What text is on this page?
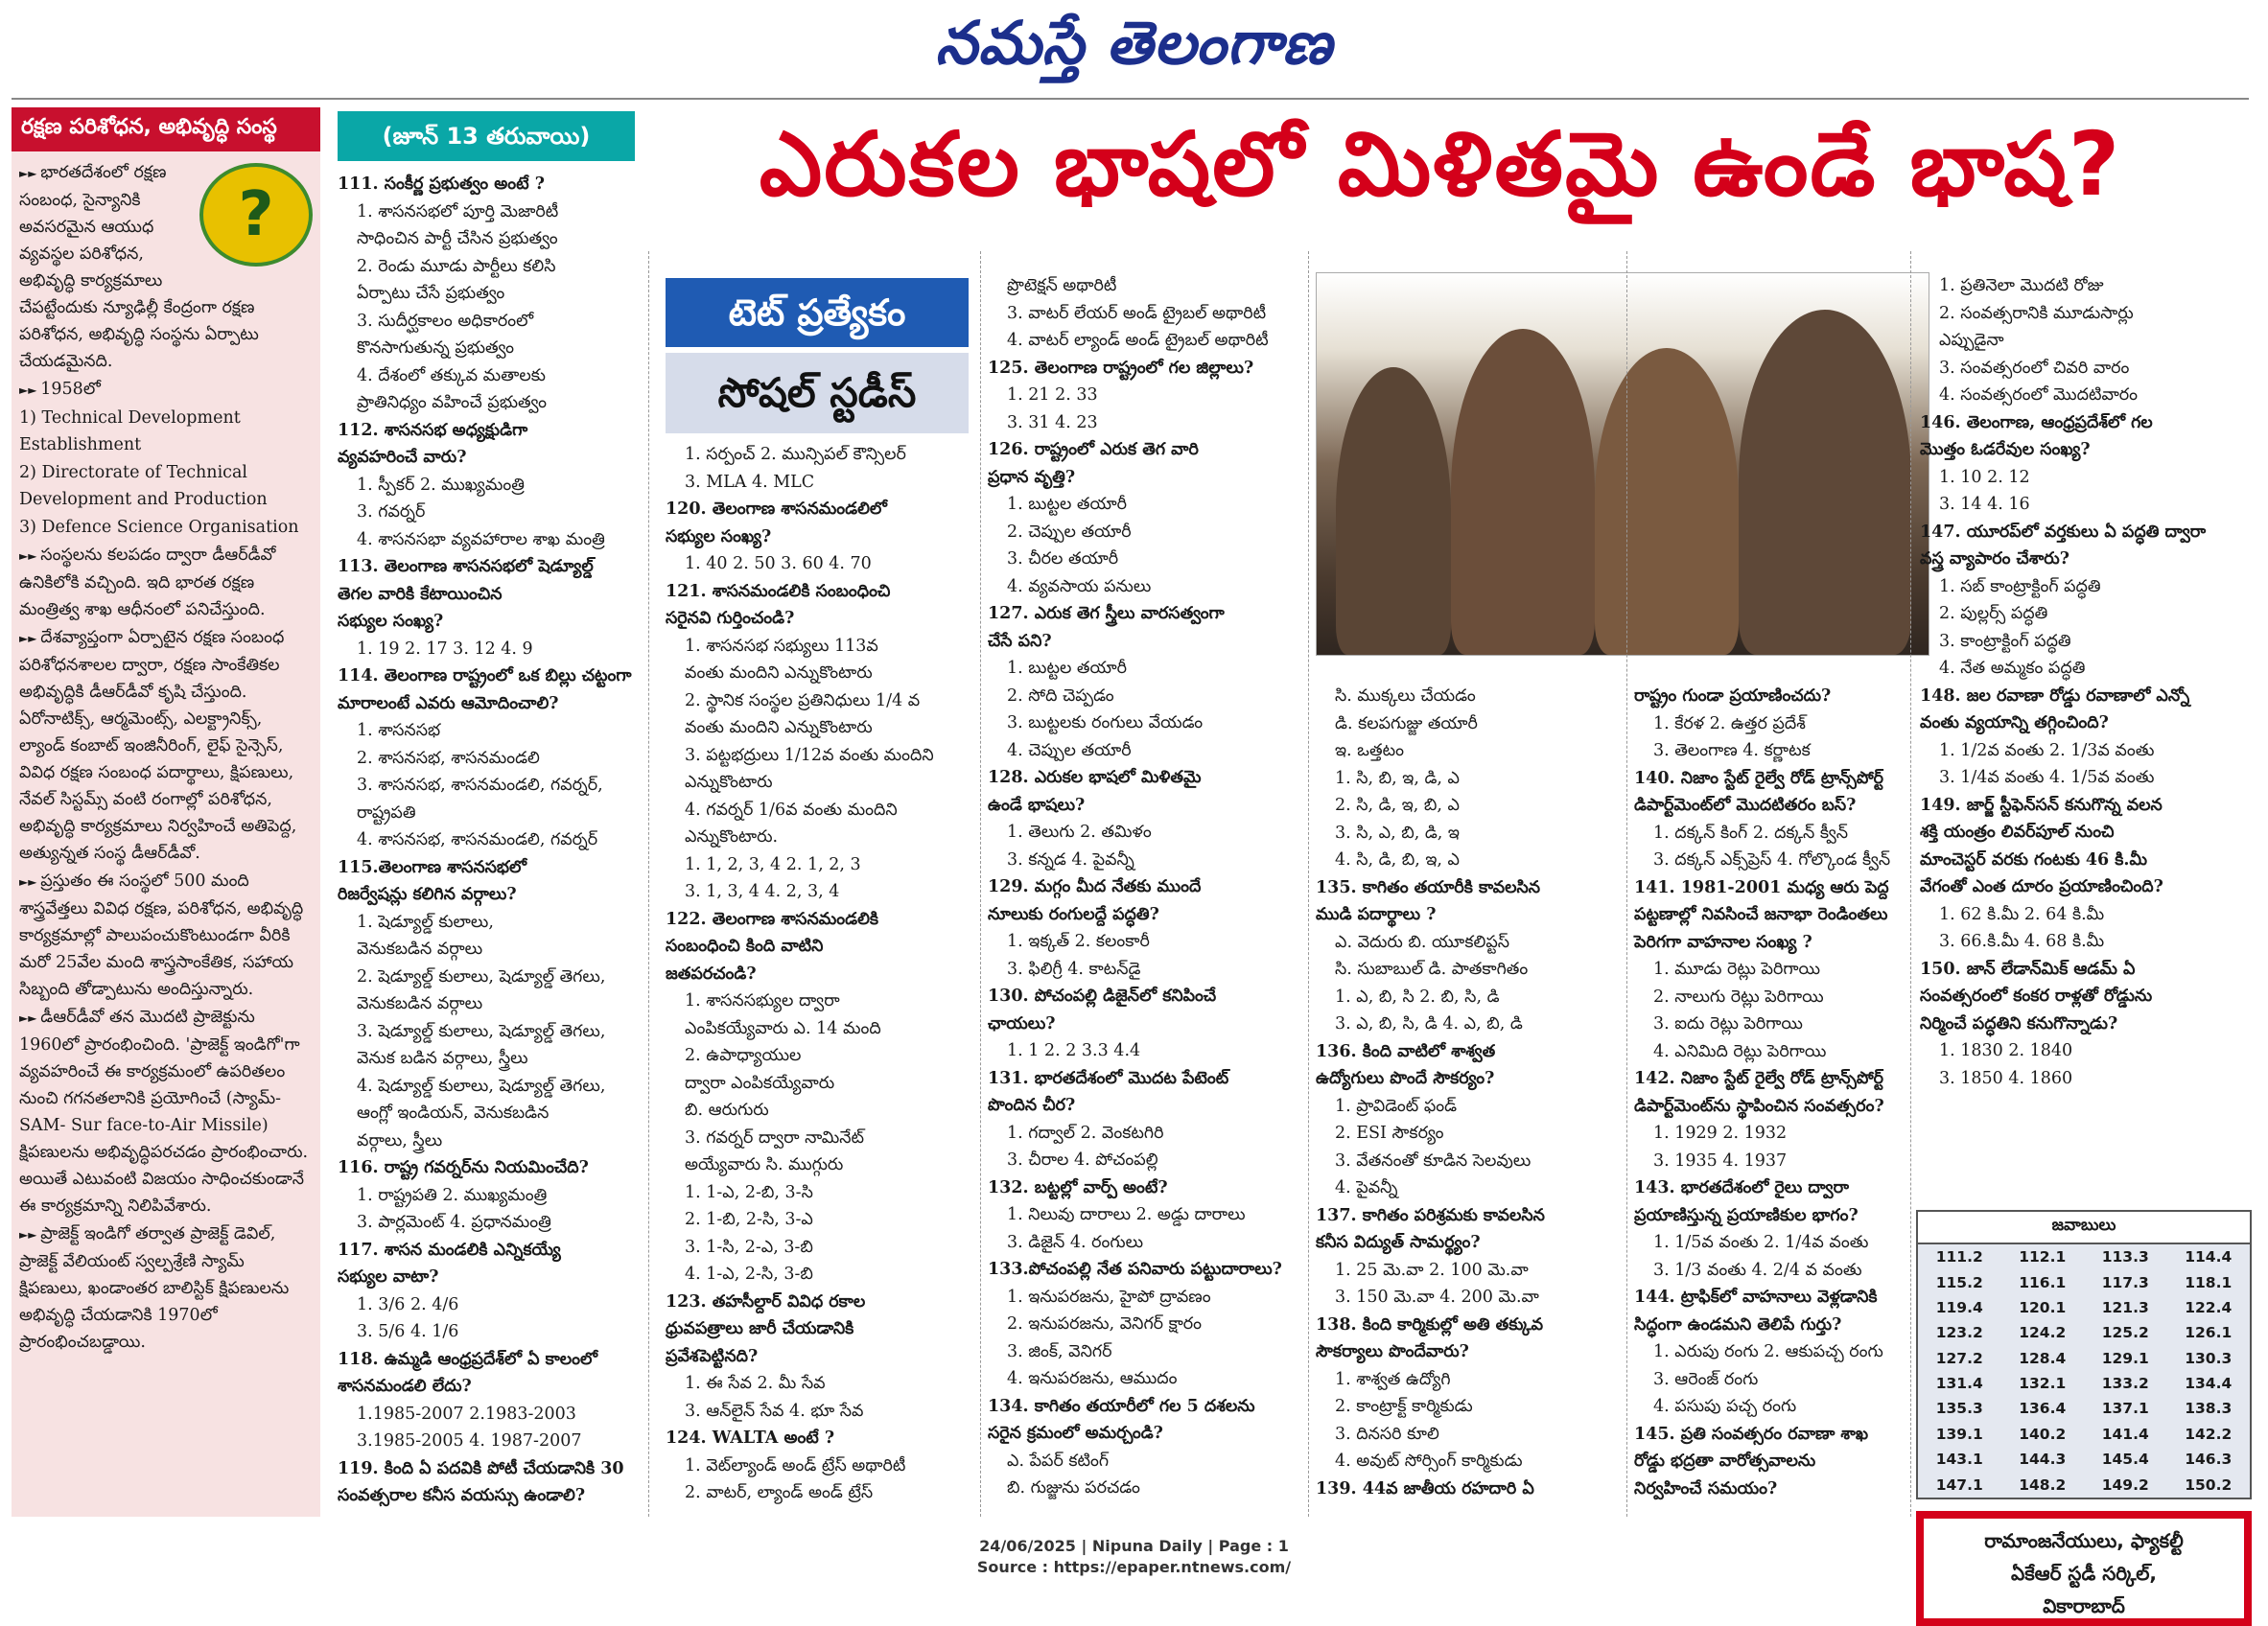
నమస్తే తెలంగాణ
రక్షణ పరిశోధన, అభివృద్ధి సంస్థ
?

►► భారతదేశంలో రక్షణ సంబంధ, సైన్యానికి అవసరమైన ఆయుధ వ్యవస్థల పరిశోధన, అభివృద్ధి కార్యక్రమాలు చేపట్టేందుకు న్యూఢిల్లీ కేంద్రంగా రక్షణ పరిశోధన, అభివృద్ధి సంస్థను ఏర్పాటు చేయడమైనది.

►► 1958లో

1) Technical Development Establishment

2) Directorate of Technical Development and Production

3) Defence Science Organisation

►► సంస్థలను కలపడం ద్వారా డీఆర్‌డీవో ఉనికిలోకి వచ్చింది. ఇది భారత రక్షణ మంత్రిత్వ శాఖ ఆధీనంలో పనిచేస్తుంది.

►► దేశవ్యాప్తంగా ఏర్పాటైన రక్షణ సంబంధ పరిశోధనశాలల ద్వారా, రక్షణ సాంకేతికల అభివృద్ధికి డీఆర్‌డీవో కృషి చేస్తుంది. ఏరోనాటిక్స్, ఆర్మమెంట్స్, ఎలక్ట్రానిక్స్, ల్యాండ్ కంబాట్ ఇంజినీరింగ్, లైఫ్ సైన్సెస్, వివిధ రక్షణ సంబంధ పదార్థాలు, క్షిపణులు, నేవల్ సిస్టమ్స్ వంటి రంగాల్లో పరిశోధన, అభివృద్ధి కార్యక్రమాలు నిర్వహించే అతిపెద్ద, అత్యున్నత సంస్థ డీఆర్‌డీవో.

►► ప్రస్తుతం ఈ సంస్థలో 500 మంది శాస్త్రవేత్తలు వివిధ రక్షణ, పరిశోధన, అభివృద్ధి కార్యక్రమాల్లో పాలుపంచుకొంటుండగా వీరికి మరో 25వేల మంది శాస్త్రసాంకేతిక, సహాయ సిబ్బంది తోడ్పాటును అందిస్తున్నారు.

►► డీఆర్‌డీవో తన మొదటి ప్రాజెక్టును 1960లో ప్రారంభించింది. 'ప్రాజెక్ట్ ఇండిగో'గా వ్యవహరించే ఈ కార్యక్రమంలో ఉపరితలం నుంచి గగనతలానికి ప్రయోగించే (స్యామ్-SAM- Sur face-to-Air Missile) క్షిపణులను అభివృద్ధిపరచడం ప్రారంభించారు. అయితే ఎటువంటి విజయం సాధించకుండానే ఈ కార్యక్రమాన్ని నిలిపివేశారు.

►► ప్రాజెక్ట్ ఇండిగో తర్వాత ప్రాజెక్ట్ డెవిల్, ప్రాజెక్ట్ వేలియంట్ స్వల్పశ్రేణి స్యామ్ క్షిపణులు, ఖండాంతర బాలిస్టిక్ క్షిపణులను అభివృద్ధి చేయడానికి 1970లో ప్రారంభించబడ్డాయి.

(జూన్ 13 తరువాయి)	ఎరుకల భాషలో మిళితమై ఉండే భాష?
టెట్ ప్రత్యేకం
సోషల్ స్టడీస్

111. సంకీర్ణ ప్రభుత్వం అంటే ?

1. శాసనసభలో పూర్తి మెజారిటీ

సాధించిన పార్టీ చేసిన ప్రభుత్వం

2. రెండు మూడు పార్టీలు కలిసి

ఏర్పాటు చేసే ప్రభుత్వం

3. సుదీర్ఘకాలం అధికారంలో

కొనసాగుతున్న ప్రభుత్వం

4. దేశంలో తక్కువ మతాలకు

ప్రాతినిధ్యం వహించే ప్రభుత్వం

112. శాసనసభ అధ్యక్షుడిగా

వ్యవహరించే వారు?

1. స్పీకర్ 2. ముఖ్యమంత్రి

3. గవర్నర్

4. శాసనసభా వ్యవహారాల శాఖ మంత్రి

113. తెలంగాణ శాసనసభలో షెడ్యూల్డ్

తెగల వారికి కేటాయించిన

సభ్యుల సంఖ్య?

1. 19 2. 17 3. 12 4. 9

114. తెలంగాణ రాష్ట్రంలో ఒక బిల్లు చట్టంగా

మారాలంటే ఎవరు ఆమోదించాలి?

1. శాసనసభ

2. శాసనసభ, శాసనమండలి

3. శాసనసభ, శాసనమండలి, గవర్నర్,

రాష్ట్రపతి

4. శాసనసభ, శాసనమండలి, గవర్నర్

115.తెలంగాణ శాసనసభలో

రిజర్వేషన్లు కలిగిన వర్గాలు?

1. షెడ్యూల్డ్ కులాలు,

వెనుకబడిన వర్గాలు

2. షెడ్యూల్డ్ కులాలు, షెడ్యూల్డ్ తెగలు,

వెనుకబడిన వర్గాలు

3. షెడ్యూల్డ్ కులాలు, షెడ్యూల్డ్ తెగలు,

వెనుక బడిన వర్గాలు, స్త్రీలు

4. షెడ్యూల్డ్ కులాలు, షెడ్యూల్డ్ తెగలు,

ఆంగ్లో ఇండియన్, వెనుకబడిన

వర్గాలు, స్త్రీలు

116. రాష్ట్ర గవర్నర్‌ను నియమించేది?

1. రాష్ట్రపతి 2. ముఖ్యమంత్రి

3. పార్లమెంట్ 4. ప్రధానమంత్రి

117. శాసన మండలికి ఎన్నికయ్యే

సభ్యుల వాటా?

1. 3/6 2. 4/6

3. 5/6 4. 1/6

118. ఉమ్మడి ఆంధ్రప్రదేశ్‌లో ఏ కాలంలో

శాసనమండలి లేదు?

1.1985-2007 2.1983-2003

3.1985-2005 4. 1987-2007

119. కింది ఏ పదవికి పోటీ చేయడానికి 30

సంవత్సరాల కనీస వయస్సు ఉండాలి?

1. సర్పంచ్ 2. మున్సిపల్ కౌన్సిలర్

3. MLA 4. MLC

120. తెలంగాణ శాసనమండలిలో

సభ్యుల సంఖ్య?

1. 40 2. 50 3. 60 4. 70

121. శాసనమండలికి సంబంధించి

సరైనవి గుర్తించండి?

1. శాసనసభ సభ్యులు 113వ

వంతు మందిని ఎన్నుకొంటారు

2. స్థానిక సంస్థల ప్రతినిధులు 1/4 వ

వంతు మందిని ఎన్నుకొంటారు

3. పట్టభద్రులు 1/12వ వంతు మందిని

ఎన్నుకొంటారు

4. గవర్నర్ 1/6వ వంతు మందిని

ఎన్నుకొంటారు.

1. 1, 2, 3, 4 2. 1, 2, 3

3. 1, 3, 4 4. 2, 3, 4

122. తెలంగాణ శాసనమండలికి

సంబంధించి కింది వాటిని

జతపరచండి?

1. శాసనసభ్యుల ద్వారా

ఎంపికయ్యేవారు ఎ. 14 మంది

2. ఉపాధ్యాయుల

ద్వారా ఎంపికయ్యేవారు

బి. ఆరుగురు

3. గవర్నర్ ద్వారా నామినేట్

అయ్యేవారు సి. ముగ్గురు

1. 1-ఎ, 2-బి, 3-సి

2. 1-బి, 2-సి, 3-ఎ

3. 1-సి, 2-ఎ, 3-బి

4. 1-ఎ, 2-సి, 3-బి

123. తహసీల్దార్ వివిధ రకాల

ధ్రువపత్రాలు జారీ చేయడానికి

ప్రవేశపెట్టినది?

1. ఈ సేవ 2. మీ సేవ

3. ఆన్‌లైన్ సేవ 4. భూ సేవ

124. WALTA అంటే ?

1. వెట్‌ల్యాండ్ అండ్ ట్రేస్ అథారిటీ

2. వాటర్, ల్యాండ్ అండ్ ట్రేస్

ప్రొటెక్షన్ అథారిటీ

3. వాటర్ లేయర్ అండ్ ట్రైబల్ అథారిటీ

4. వాటర్ ల్యాండ్ అండ్ ట్రైబల్ అథారిటీ

125. తెలంగాణ రాష్ట్రంలో గల జిల్లాలు?

1. 21 2. 33

3. 31 4. 23

126. రాష్ట్రంలో ఎరుక తెగ వారి

ప్రధాన వృత్తి?

1. బుట్టల తయారీ

2. చెప్పుల తయారీ

3. చీరల తయారీ

4. వ్యవసాయ పనులు

127. ఎరుక తెగ స్త్రీలు వారసత్వంగా

చేసే పని?

1. బుట్టల తయారీ

2. సోది చెప్పడం

3. బుట్టలకు రంగులు వేయడం

4. చెప్పుల తయారీ

128. ఎరుకల భాషలో మిళితమై

ఉండే భాషలు?

1. తెలుగు 2. తమిళం

3. కన్నడ 4. పైవన్నీ

129. మగ్గం మీద నేతకు ముందే

నూలుకు రంగులద్దే పద్ధతి?

1. ఇక్కత్ 2. కలంకారీ

3. ఫిలిగ్రీ 4. కాటన్‌డై

130. పోచంపల్లి డిజైన్‌లో కనిపించే

ఛాయలు?

1. 1 2. 2 3.3 4.4

131. భారతదేశంలో మొదట పేటెంట్

పొందిన చీర?

1. గద్వాల్ 2. వెంకటగిరి

3. చీరాల 4. పోచంపల్లి

132. బట్టల్లో వార్ప్ అంటే?

1. నిలువు దారాలు 2. అడ్డు దారాలు

3. డిజైన్ 4. రంగులు

133.పోచంపల్లి నేత పనివారు పట్టుదారాలు?

1. ఇనుపరజను, హైపో ద్రావణం

2. ఇనుపరజను, వెనిగర్ క్షారం

3. జింక్, వెనిగర్

4. ఇనుపరజను, ఆముదం

134. కాగితం తయారీలో గల 5 దశలను

సరైన క్రమంలో అమర్చండి?

ఎ. పేపర్ కటింగ్

బి. గుజ్జును పరచడం

సి. ముక్కలు చేయడం

డి. కలపగుజ్జు తయారీ

ఇ. ఒత్తటం

1. సి, బి, ఇ, డి, ఎ

2. సి, డి, ఇ, బి, ఎ

3. సి, ఎ, బి, డి, ఇ

4. సి, డి, బి, ఇ, ఎ

135. కాగితం తయారీకి కావలసిన

ముడి పదార్థాలు ?

ఎ. వెదురు బి. యూకలిప్టస్

సి. సుబాబుల్ డి. పాతకాగితం

1. ఎ, బి, సి 2. బి, సి, డి

3. ఎ, బి, సి, డి 4. ఎ, బి, డి

136. కింది వాటిలో శాశ్వత

ఉద్యోగులు పొందే సౌకర్యం?

1. ప్రావిడెంట్ ఫండ్

2. ESI సౌకర్యం

3. వేతనంతో కూడిన సెలవులు

4. పైవన్నీ

137. కాగితం పరిశ్రమకు కావలసిన

కనీస విద్యుత్ సామర్థ్యం?

1. 25 మె.వా 2. 100 మె.వా

3. 150 మె.వా 4. 200 మె.వా

138. కింది కార్మికుల్లో అతి తక్కువ

సౌకర్యాలు పొందేవారు?

1. శాశ్వత ఉద్యోగి

2. కాంట్రాక్ట్ కార్మికుడు

3. దినసరి కూలి

4. అవుట్ సోర్సింగ్ కార్మికుడు

139. 44వ జాతీయ రహదారి ఏ

రాష్ట్రం గుండా ప్రయాణించదు?

1. కేరళ 2. ఉత్తర ప్రదేశ్

3. తెలంగాణ 4. కర్ణాటక

140. నిజాం స్టేట్ రైల్వే రోడ్ ట్రాన్స్‌పోర్ట్

డిపార్ట్‌మెంట్‌లో మొదటితరం బస్?

1. దక్కన్ కింగ్ 2. దక్కన్ క్వీన్

3. దక్కన్ ఎక్స్‌ప్రెస్ 4. గోల్కొండ క్వీన్

141. 1981-2001 మధ్య ఆరు పెద్ద

పట్టణాల్లో నివసించే జనాభా రెండింతలు

పెరిగగా వాహనాల సంఖ్య ?

1. మూడు రెట్లు పెరిగాయి

2. నాలుగు రెట్లు పెరిగాయి

3. ఐదు రెట్లు పెరిగాయి

4. ఎనిమిది రెట్లు పెరిగాయి

142. నిజాం స్టేట్ రైల్వే రోడ్ ట్రాన్స్‌పోర్ట్

డిపార్ట్‌మెంట్‌ను స్థాపించిన సంవత్సరం?

1. 1929 2. 1932

3. 1935 4. 1937

143. భారతదేశంలో రైలు ద్వారా

ప్రయాణిస్తున్న ప్రయాణికుల భాగం?

1. 1/5వ వంతు 2. 1/4వ వంతు

3. 1/3 వంతు 4. 2/4 వ వంతు

144. ట్రాఫిక్‌లో వాహనాలు వెళ్లడానికి

సిద్ధంగా ఉండమని తెలిపే గుర్తు?

1. ఎరుపు రంగు 2. ఆకుపచ్చ రంగు

3. ఆరెంజ్ రంగు

4. పసుపు పచ్చ రంగు

145. ప్రతి సంవత్సరం రవాణా శాఖ

రోడ్డు భద్రతా వారోత్సవాలను

నిర్వహించే సమయం?

1. ప్రతినెలా మొదటి రోజు

2. సంవత్సరానికి మూడుసార్లు

ఎప్పుడైనా

3. సంవత్సరంలో చివరి వారం

4. సంవత్సరంలో మొదటివారం

146. తెలంగాణ, ఆంధ్రప్రదేశ్‌లో గల

మొత్తం ఓడరేవుల సంఖ్య?

1. 10 2. 12

3. 14 4. 16

147. యూరప్‌లో వర్తకులు ఏ పద్ధతి ద్వారా

వస్త్ర వ్యాపారం చేశారు?

1. సబ్ కాంట్రాక్టింగ్ పద్ధతి

2. పుల్లర్స్ పద్ధతి

3. కాంట్రాక్టింగ్ పద్ధతి

4. నేత అమ్మకం పద్ధతి

148. జల రవాణా రోడ్డు రవాణాలో ఎన్నో

వంతు వ్యయాన్ని తగ్గించింది?

1. 1/2వ వంతు 2. 1/3వ వంతు

3. 1/4వ వంతు 4. 1/5వ వంతు

149. జార్జ్ స్టీఫెన్‌సన్ కనుగొన్న వలన

శక్తి యంత్రం లివర్‌పూల్ నుంచి

మాంచెస్టర్ వరకు గంటకు 46 కి.మీ

వేగంతో ఎంత దూరం ప్రయాణించింది?

1. 62 కి.మీ 2. 64 కి.మీ

3. 66.కి.మీ 4. 68 కి.మీ

150. జాన్ లేడాన్‌మిక్ ఆడమ్ ఏ

సంవత్సరంలో కంకర రాళ్లతో రోడ్డును

నిర్మించే పద్ధతిని కనుగొన్నాడు?

1. 1830 2. 1840

3. 1850 4. 1860

జవాబులు
111.2	112.1	113.3	114.4
115.2	116.1	117.3	118.1
119.4	120.1	121.3	122.4
123.2	124.2	125.2	126.1
127.2	128.4	129.1	130.3
131.4	132.1	133.2	134.4
135.3	136.4	137.1	138.3
139.1	140.2	141.4	142.2
143.1	144.3	145.4	146.3
147.1	148.2	149.2	150.2
రామాంజనేయులు, ఫ్యాకల్టీ
ఏకేఆర్ స్టడీ సర్కిల్,
వికారాబాద్
24/06/2025 | Nipuna Daily | Page : 1
Source : https://epaper.ntnews.com/
